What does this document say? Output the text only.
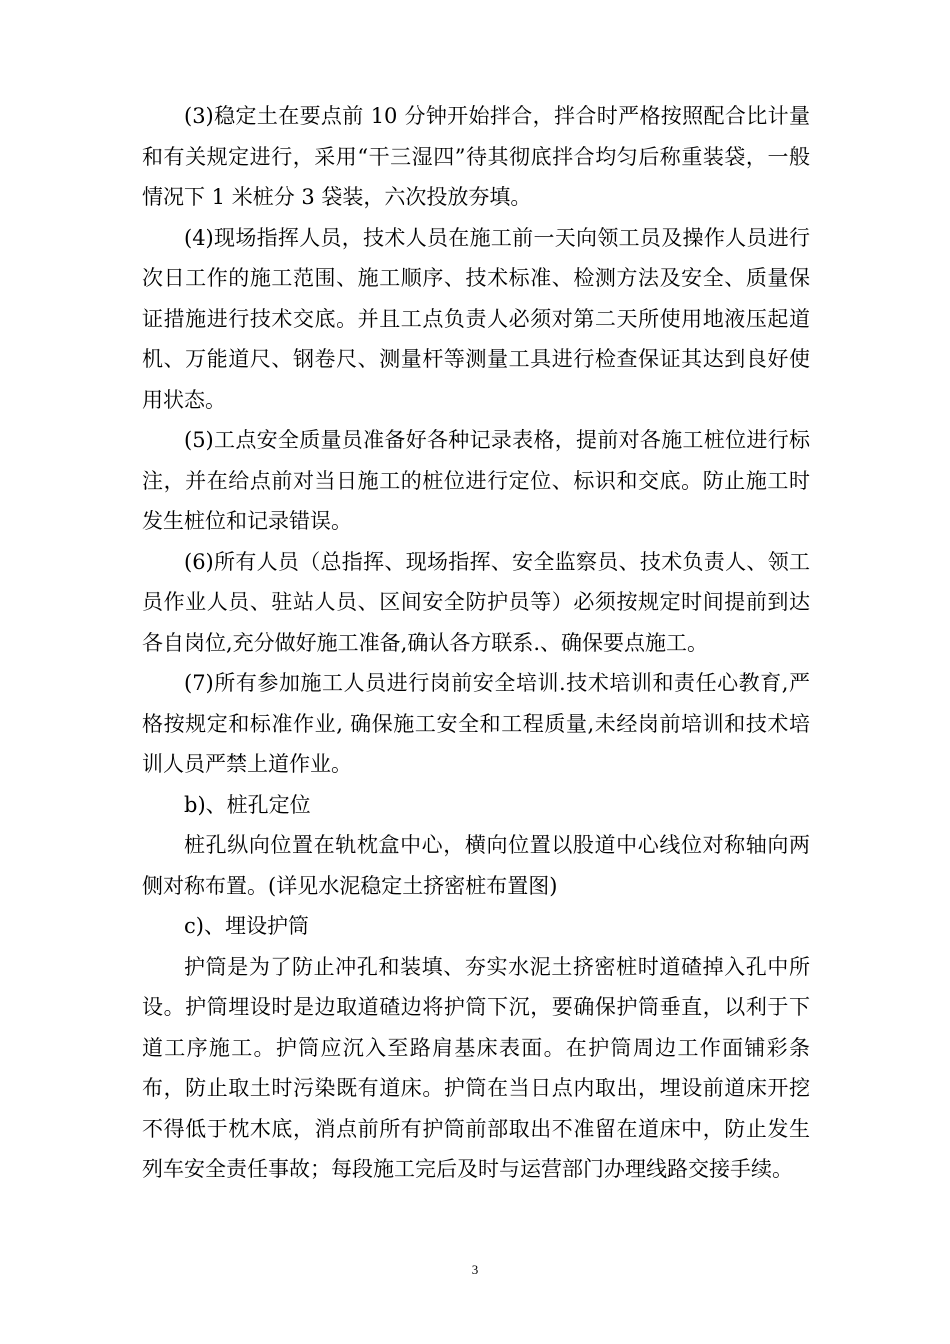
(3)稳定土在要点前 10 分钟开始拌合，拌合时严格按照配合比计量和有关规定进行，采用“干三湿四”待其彻底拌合均匀后称重装袋，一般情况下 1 米桩分 3 袋装，六次投放夯填。

(4)现场指挥人员，技术人员在施工前一天向领工员及操作人员进行次日工作的施工范围、施工顺序、技术标准、检测方法及安全、质量保证措施进行技术交底。并且工点负责人必须对第二天所使用地液压起道机、万能道尺、钢卷尺、测量杆等测量工具进行检查保证其达到良好使用状态。

(5)工点安全质量员准备好各种记录表格，提前对各施工桩位进行标注，并在给点前对当日施工的桩位进行定位、标识和交底。防止施工时发生桩位和记录错误。

(6)所有人员（总指挥、现场指挥、安全监察员、技术负责人、领工员作业人员、驻站人员、区间安全防护员等）必须按规定时间提前到达各自岗位,充分做好施工准备,确认各方联系.、确保要点施工。

(7)所有参加施工人员进行岗前安全培训.技术培训和责任心教育,严格按规定和标准作业, 确保施工安全和工程质量,未经岗前培训和技术培训人员严禁上道作业。

b)、桩孔定位

桩孔纵向位置在轨枕盒中心，横向位置以股道中心线位对称轴向两侧对称布置。(详见水泥稳定土挤密桩布置图)

c)、埋设护筒

护筒是为了防止冲孔和装填、夯实水泥土挤密桩时道碴掉入孔中所设。护筒埋设时是边取道碴边将护筒下沉，要确保护筒垂直，以利于下道工序施工。护筒应沉入至路肩基床表面。在护筒周边工作面铺彩条布，防止取土时污染既有道床。护筒在当日点内取出，埋设前道床开挖不得低于枕木底，消点前所有护筒前部取出不准留在道床中，防止发生列车安全责任事故；每段施工完后及时与运营部门办理线路交接手续。

3
